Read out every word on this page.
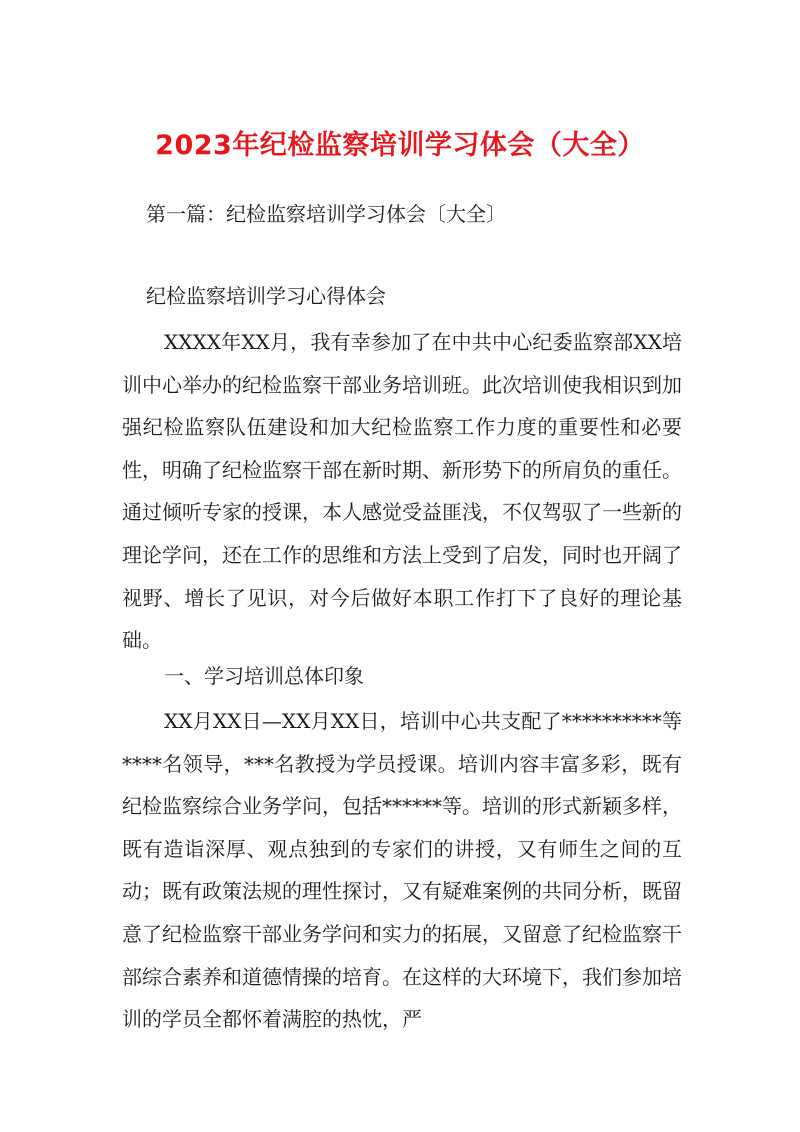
2023年纪检监察培训学习体会（大全）
第一篇：纪检监察培训学习体会〔大全〕
纪检监察培训学习心得体会

XXXX年XX月，我有幸参加了在中共中心纪委监察部XX培训中心举办的纪检监察干部业务培训班。此次培训使我相识到加强纪检监察队伍建设和加大纪检监察工作力度的重要性和必要性，明确了纪检监察干部在新时期、新形势下的所肩负的重任。通过倾听专家的授课，本人感觉受益匪浅，不仅驾驭了一些新的理论学问，还在工作的思维和方法上受到了启发，同时也开阔了视野、增长了见识，对今后做好本职工作打下了良好的理论基础。

一、学习培训总体印象

XX月XX日—XX月XX日，培训中心共支配了**********等****名领导，***名教授为学员授课。培训内容丰富多彩，既有纪检监察综合业务学问，包括******等。培训的形式新颖多样，既有造诣深厚、观点独到的专家们的讲授，又有师生之间的互动；既有政策法规的理性探讨，又有疑难案例的共同分析，既留意了纪检监察干部业务学问和实力的拓展，又留意了纪检监察干部综合素养和道德情操的培育。在这样的大环境下，我们参加培训的学员全都怀着满腔的热忱，严
